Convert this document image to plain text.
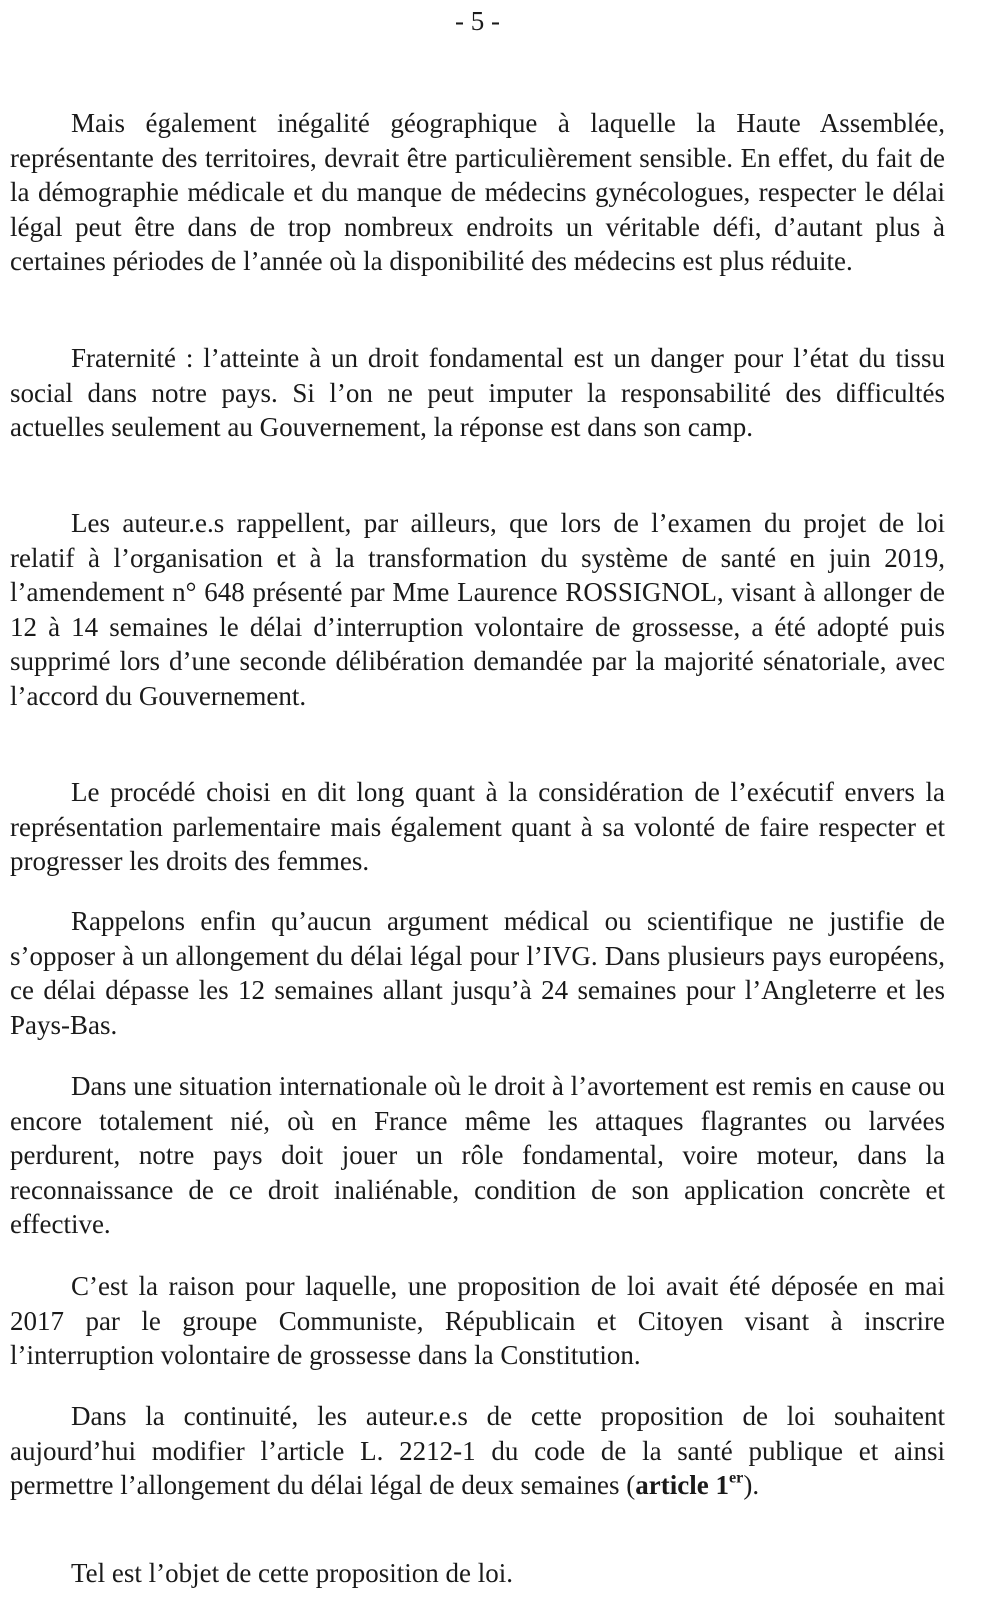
- 5 -

Mais également inégalité géographique à laquelle la Haute Assemblée, représentante des territoires, devrait être particulièrement sensible. En effet, du fait de la démographie médicale et du manque de médecins gynécologues, respecter le délai légal peut être dans de trop nombreux endroits un véritable défi, d’autant plus à certaines périodes de l’année où la disponibilité des médecins est plus réduite.

Fraternité : l’atteinte à un droit fondamental est un danger pour l’état du tissu social dans notre pays. Si l’on ne peut imputer la responsabilité des difficultés actuelles seulement au Gouvernement, la réponse est dans son camp.

Les auteur.e.s rappellent, par ailleurs, que lors de l’examen du projet de loi relatif à l’organisation et à la transformation du système de santé en juin 2019, l’amendement n° 648 présenté par Mme Laurence ROSSIGNOL, visant à allonger de 12 à 14 semaines le délai d’interruption volontaire de grossesse, a été adopté puis supprimé lors d’une seconde délibération demandée par la majorité sénatoriale, avec l’accord du Gouvernement.

Le procédé choisi en dit long quant à la considération de l’exécutif envers la représentation parlementaire mais également quant à sa volonté de faire respecter et progresser les droits des femmes.

Rappelons enfin qu’aucun argument médical ou scientifique ne justifie de s’opposer à un allongement du délai légal pour l’IVG. Dans plusieurs pays européens, ce délai dépasse les 12 semaines allant jusqu’à 24 semaines pour l’Angleterre et les Pays-Bas.

Dans une situation internationale où le droit à l’avortement est remis en cause ou encore totalement nié, où en France même les attaques flagrantes ou larvées perdurent, notre pays doit jouer un rôle fondamental, voire moteur, dans la reconnaissance de ce droit inaliénable, condition de son application concrète et effective.

C’est la raison pour laquelle, une proposition de loi avait été déposée en mai 2017 par le groupe Communiste, Républicain et Citoyen visant à inscrire l’interruption volontaire de grossesse dans la Constitution.

Dans la continuité, les auteur.e.s de cette proposition de loi souhaitent aujourd’hui modifier l’article L. 2212-1 du code de la santé publique et ainsi permettre l’allongement du délai légal de deux semaines (article 1er).

Tel est l’objet de cette proposition de loi.
